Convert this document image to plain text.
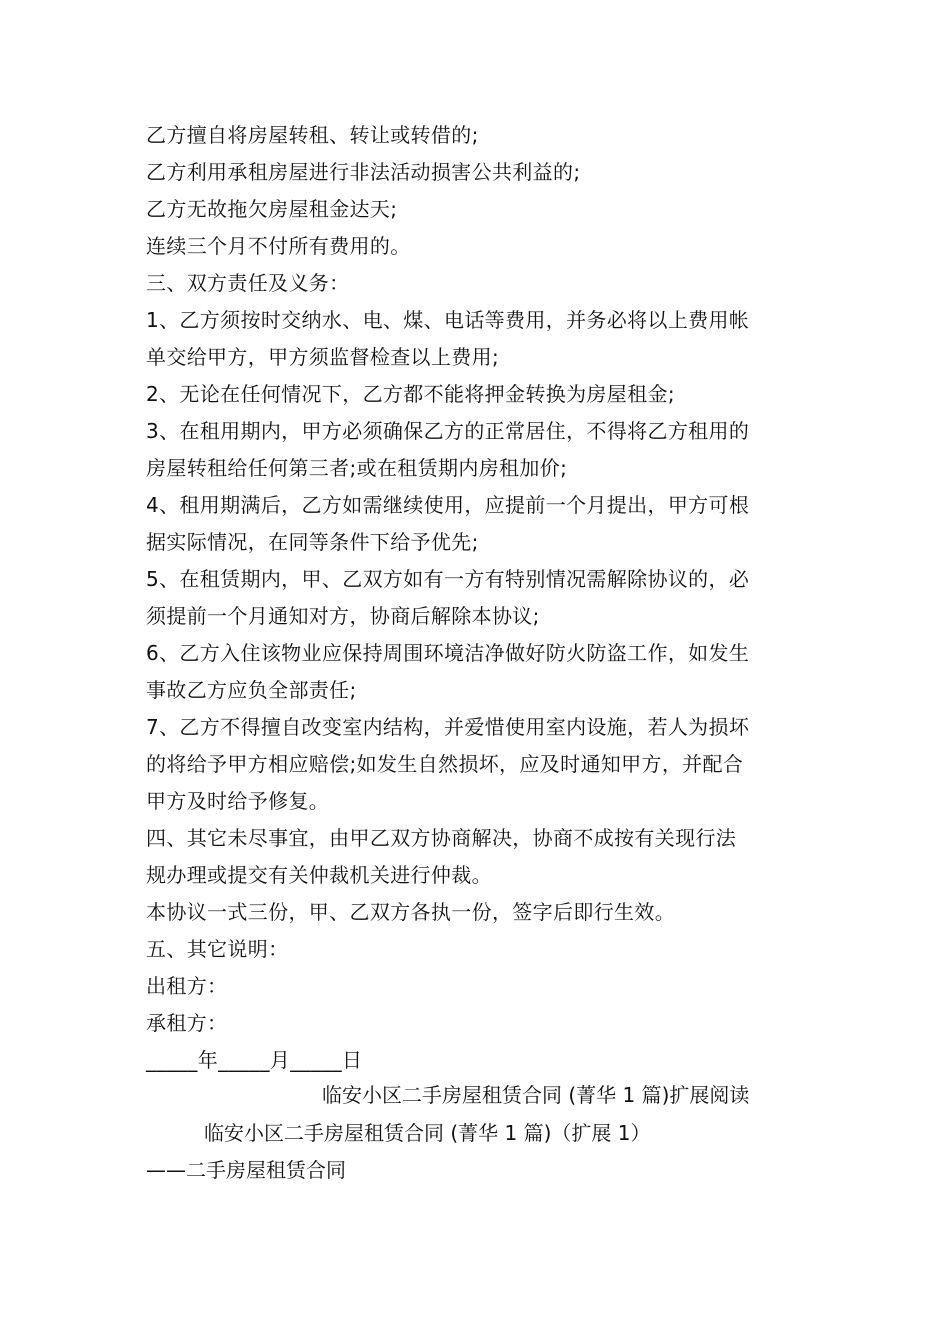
乙方擅自将房屋转租、转让或转借的;
乙方利用承租房屋进行非法活动损害公共利益的;
乙方无故拖欠房屋租金达天;
连续三个月不付所有费用的。
三、双方责任及义务：
1、乙方须按时交纳水、电、煤、电话等费用，并务必将以上费用帐
单交给甲方，甲方须监督检查以上费用;
2、无论在任何情况下，乙方都不能将押金转换为房屋租金;
3、在租用期内，甲方必须确保乙方的正常居住，不得将乙方租用的
房屋转租给任何第三者;或在租赁期内房租加价;
4、租用期满后，乙方如需继续使用，应提前一个月提出，甲方可根
据实际情况，在同等条件下给予优先;
5、在租赁期内，甲、乙双方如有一方有特别情况需解除协议的，必
须提前一个月通知对方，协商后解除本协议;
6、乙方入住该物业应保持周围环境洁净做好防火防盗工作，如发生
事故乙方应负全部责任;
7、乙方不得擅自改变室内结构，并爱惜使用室内设施，若人为损坏
的将给予甲方相应赔偿;如发生自然损坏，应及时通知甲方，并配合
甲方及时给予修复。
四、其它未尽事宜，由甲乙双方协商解决，协商不成按有关现行法
规办理或提交有关仲裁机关进行仲裁。
本协议一式三份，甲、乙双方各执一份，签字后即行生效。
五、其它说明：
出租方：
承租方：
_____年_____月_____日
临安小区二手房屋租赁合同 (菁华 1 篇)扩展阅读
临安小区二手房屋租赁合同 (菁华 1 篇)（扩展 1）
——二手房屋租赁合同
